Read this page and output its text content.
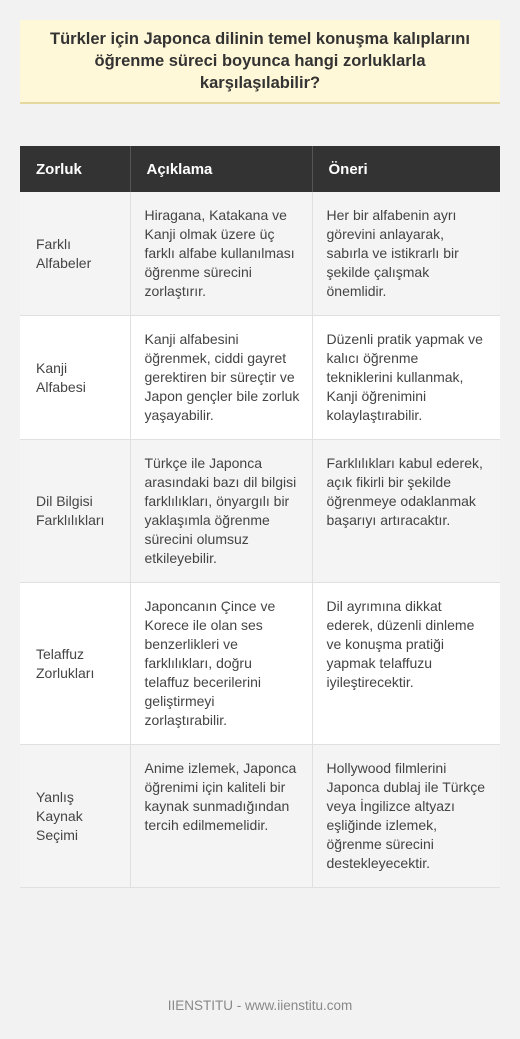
Türkler için Japonca dilinin temel konuşma kalıplarını öğrenme süreci boyunca hangi zorluklarla karşılaşılabilir?
Zorluk	Açıklama	Öneri
Farklı Alfabeler	Hiragana, Katakana ve Kanji olmak üzere üç farklı alfabe kullanılması öğrenme sürecini zorlaştırır.	Her bir alfabenin ayrı görevini anlayarak, sabırla ve istikrarlı bir şekilde çalışmak önemlidir.
Kanji Alfabesi	Kanji alfabesini öğrenmek, ciddi gayret gerektiren bir süreçtir ve Japon gençler bile zorluk yaşayabilir.	Düzenli pratik yapmak ve kalıcı öğrenme tekniklerini kullanmak, Kanji öğrenimini kolaylaştırabilir.
Dil Bilgisi Farklılıkları	Türkçe ile Japonca arasındaki bazı dil bilgisi farklılıkları, önyargılı bir yaklaşımla öğrenme sürecini olumsuz etkileyebilir.	Farklılıkları kabul ederek, açık fikirli bir şekilde öğrenmeye odaklanmak başarıyı artıracaktır.
Telaffuz Zorlukları	Japoncanın Çince ve Korece ile olan ses benzerlikleri ve farklılıkları, doğru telaffuz becerilerini geliştirmeyi zorlaştırabilir.	Dil ayrımına dikkat ederek, düzenli dinleme ve konuşma pratiği yapmak telaffuzu iyileştirecektir.
Yanlış Kaynak Seçimi	Anime izlemek, Japonca öğrenimi için kaliteli bir kaynak sunmadığından tercih edilmemelidir.	Hollywood filmlerini Japonca dublaj ile Türkçe veya İngilizce altyazı eşliğinde izlemek, öğrenme sürecini destekleyecektir.
IIENSTITU - www.iienstitu.com
